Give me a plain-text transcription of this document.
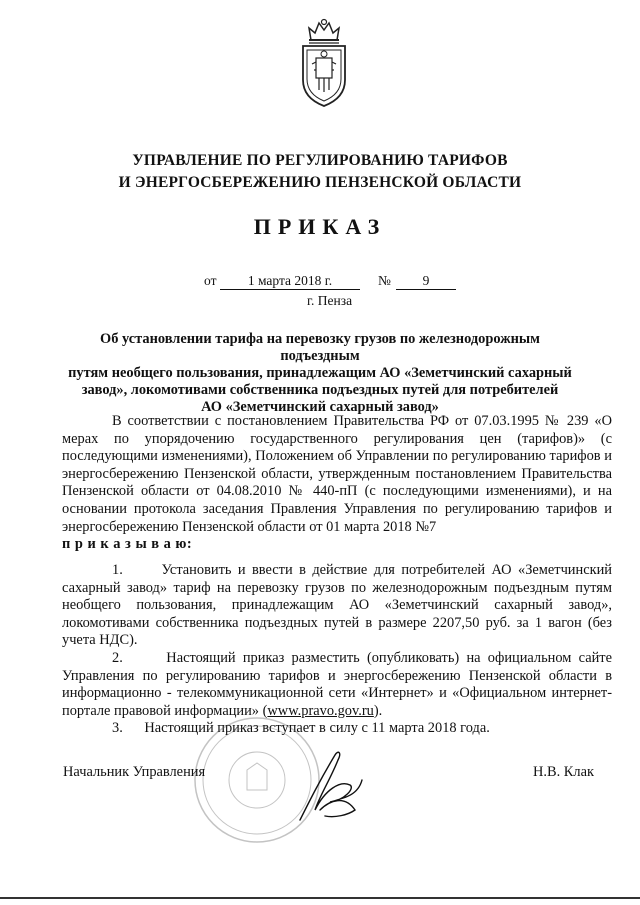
УПРАВЛЕНИЕ ПО РЕГУЛИРОВАНИЮ ТАРИФОВ
И ЭНЕРГОСБЕРЕЖЕНИЮ ПЕНЗЕНСКОЙ ОБЛАСТИ
ПРИКАЗ
от	1 марта 2018 г.	№	9
г. Пенза
Об установлении тарифа на перевозку грузов по железнодорожным подъездным
путям необщего пользования, принадлежащим АО «Земетчинский сахарный
завод», локомотивами собственника подъездных путей для потребителей
АО «Земетчинский сахарный завод»

В соответствии с постановлением Правительства РФ от 07.03.1995 № 239 «О мерах по упорядочению государственного регулирования цен (тарифов)» (с последующими изменениями), Положением об Управлении по регулированию тарифов и энергосбережению Пензенской области, утвержденным постановлением Правительства Пензенской области от 04.08.2010 № 440-пП (с последующими изменениями), и на основании протокола заседания Правления Управления по регулированию тарифов и энергосбережению Пензенской области от 01 марта 2018 №7

п р и к а з ы в а ю:

1.      Установить и ввести в действие для потребителей АО «Земетчинский сахарный завод» тариф на перевозку грузов по железнодорожным подъездным путям необщего пользования, принадлежащим АО «Земетчинский сахарный завод», локомотивами собственника подъездных путей в размере 2207,50 руб. за 1 вагон (без учета НДС).

2.      Настоящий приказ разместить (опубликовать) на официальном сайте Управления по регулированию тарифов и энергосбережению Пензенской области в информационно - телекоммуникационной сети «Интернет» и «Официальном интернет-портале правовой информации» (www.pravo.gov.ru).

3.      Настоящий приказ вступает в силу с 11 марта 2018 года.

Начальник Управления	Н.В. Клак
